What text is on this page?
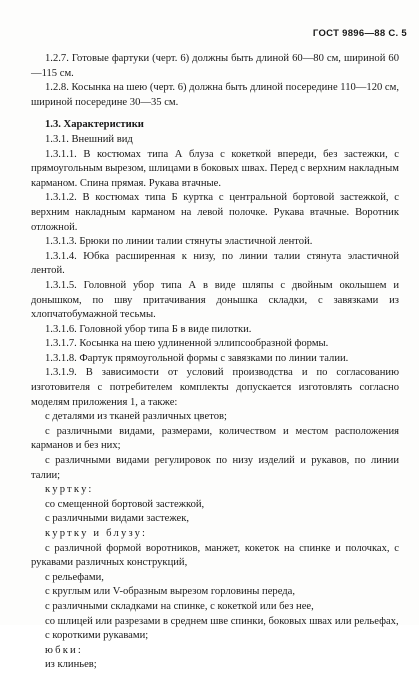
ГОСТ 9896—88 С. 5

1.2.7. Готовые фартуки (черт. 6) должны быть длиной 60—80 см, шириной 60—115 см.

1.2.8. Косынка на шею (черт. 6) должна быть длиной посередине 110—120 см, шириной посередине 30—35 см.

1.3. Характеристики

1.3.1. Внешний вид

1.3.1.1. В костюмах типа А блуза с кокеткой впереди, без застежки, с прямоугольным вырезом, шлицами в боковых швах. Перед с верхним накладным карманом. Спина прямая. Рукава втачные.

1.3.1.2. В костюмах типа Б куртка с центральной бортовой застежкой, с верхним накладным карманом на левой полочке. Рукава втачные. Воротник отложной.

1.3.1.3. Брюки по линии талии стянуты эластичной лентой.

1.3.1.4. Юбка расширенная к низу, по линии талии стянута эластичной лентой.

1.3.1.5. Головной убор типа А в виде шляпы с двойным околышем и донышком, по шву притачивания донышка складки, с завязками из хлопчатобумажной тесьмы.

1.3.1.6. Головной убор типа Б в виде пилотки.

1.3.1.7. Косынка на шею удлиненной эллипсообразной формы.

1.3.1.8. Фартук прямоугольной формы с завязками по линии талии.

1.3.1.9. В зависимости от условий производства и по согласованию изготовителя с потребителем комплекты допускается изготовлять согласно моделям приложения 1, а также:

с деталями из тканей различных цветов;

с различными видами, размерами, количеством и местом расположения карманов и без них;

с различными видами регулировок по низу изделий и рукавов, по линии талии;

куртку:

со смещенной бортовой застежкой,

с различными видами застежек,

куртку и блузу:

с различной формой воротников, манжет, кокеток на спинке и полочках, с рукавами различных конструкций,

с рельефами,

с круглым или V-образным вырезом горловины переда,

с различными складками на спинке, с кокеткой или без нее,

со шлицей или разрезами в среднем шве спинки, боковых швах или рельефах,

с короткими рукавами;

юбки:

из клиньев;
